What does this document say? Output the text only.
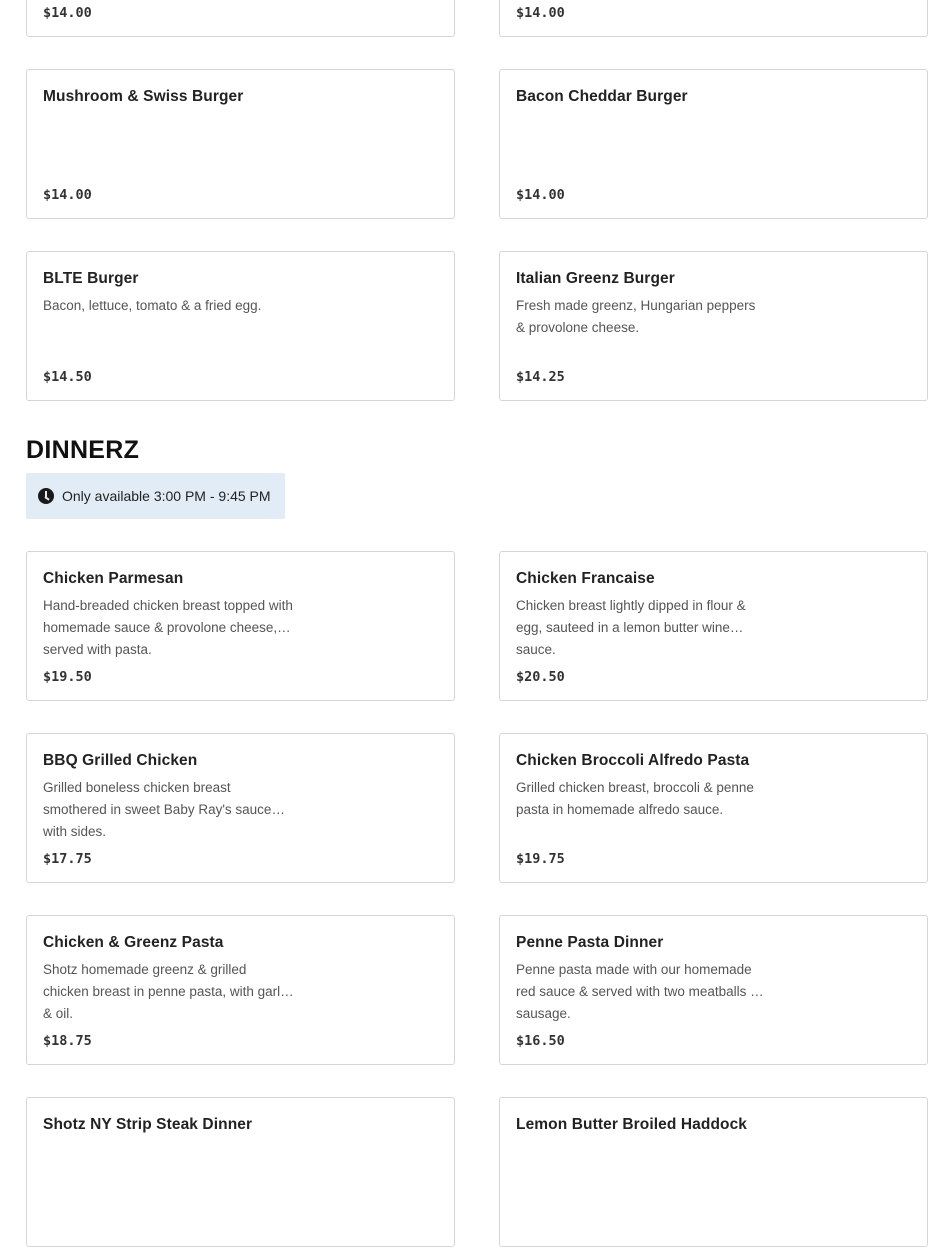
$14.00	$14.00
Mushroom & Swiss Burger
$14.00
Bacon Cheddar Burger
$14.00
BLTE Burger
Bacon, lettuce, tomato & a fried egg.
$14.50
Italian Greenz Burger
Fresh made greenz, Hungarian peppers & provolone cheese.
$14.25
DINNERZ
Only available 3:00 PM - 9:45 PM
Chicken Parmesan
Hand-breaded chicken breast topped with homemade sauce & provolone cheese, served with pasta.
$19.50
Chicken Francaise
Chicken breast lightly dipped in flour & egg, sauteed in a lemon butter wine sauce.
$20.50
BBQ Grilled Chicken
Grilled boneless chicken breast smothered in sweet Baby Ray's sauce with sides.
$17.75
Chicken Broccoli Alfredo Pasta
Grilled chicken breast, broccoli & penne pasta in homemade alfredo sauce.
$19.75
Chicken & Greenz Pasta
Shotz homemade greenz & grilled chicken breast in penne pasta, with garlic & oil.
$18.75
Penne Pasta Dinner
Penne pasta made with our homemade red sauce & served with two meatballs or sausage.
$16.50
Shotz NY Strip Steak Dinner	Lemon Butter Broiled Haddock
